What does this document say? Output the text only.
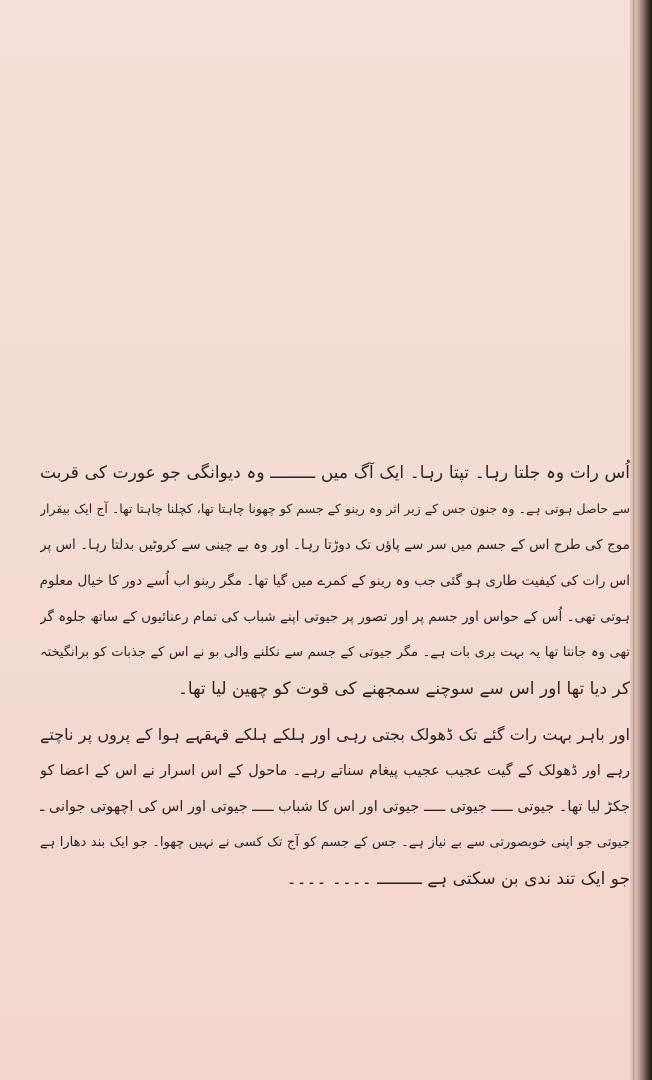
اُس رات وہ جلتا رہا۔ تپتا رہا۔ ایک آگ میں ـــــــــ وہ دیوانگی جو عورت کی قربت
سے حاصل ہوتی ہے۔ وہ جنون جس کے زیر اثر وہ رینو کے جسم کو چھونا چاہتا تھا، کچلنا چاہتا تھا۔ آج ایک بیقرار
موج کی طرح اس کے جسم میں سر سے پاؤں تک دوڑتا رہا۔ اور وہ بے چینی سے کروٹیں بدلتا رہا۔ اس پر
اس رات کی کیفیت طاری ہو گئی جب وہ رینو کے کمرے میں گیا تھا۔ مگر رینو اب اُسے دور کا خیال معلوم
ہوتی تھی۔ اُس کے حواس اور جسم پر اور تصور پر جیوتی اپنے شباب کی تمام رعنائیوں کے ساتھ جلوہ گر
تھی وہ جانتا تھا یہ بہت بری بات ہے۔ مگر جیوتی کے جسم سے نکلنے والی بو نے اس کے جذبات کو برانگیختہ
کر دیا تھا اور اس سے سوچنے سمجھنے کی قوت کو چھین لیا تھا۔
اور باہر بہت رات گئے تک ڈھولک بجتی رہی اور ہلکے ہلکے قہقہے ہوا کے پروں پر ناچتے
رہے اور ڈھولک کے گیت عجیب عجیب پیغام سناتے رہے۔ ماحول کے اس اسرار نے اس کے اعضا کو
جکڑ لیا تھا۔ جیوتی ـــــ جیوتی ـــــ جیوتی اور اس کا شباب ـــــ جیوتی اور اس کی اچھوتی جوانی ـ
جیوتی جو اپنی خوبصورتی سے بے نیاز ہے۔ جس کے جسم کو آج تک کسی نے نہیں چھوا۔ جو ایک بند دھارا ہے
جو ایک تند ندی بن سکتی ہے ـــــــــ ۔۔۔۔ ۔۔۔۔
